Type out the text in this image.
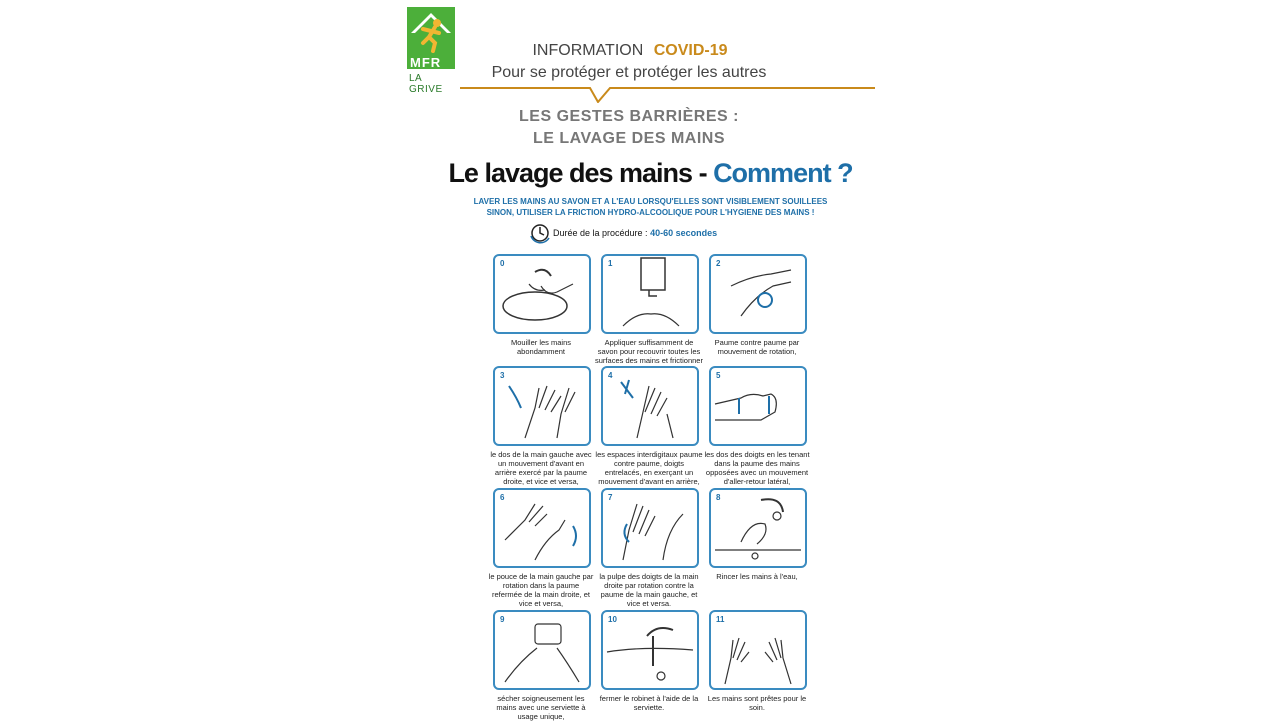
MFR
LA GRIVE
INFORMATION COVID-19
Pour se protéger et protéger les autres
LES GESTES BARRIÈRES :
LE LAVAGE DES MAINS
Le lavage des mains - Comment ?
LAVER LES MAINS AU SAVON ET A L'EAU LORSQU'ELLES SONT VISIBLEMENT SOUILLEES
SINON, UTILISER LA FRICTION HYDRO-ALCOOLIQUE POUR L'HYGIENE DES MAINS !
Durée de la procédure : 40-60 secondes
0
Mouiller les mains abondamment
1
Appliquer suffisamment de savon pour recouvrir toutes les surfaces des mains et frictionner
2
Paume contre paume par mouvement de rotation,
3
le dos de la main gauche avec un mouvement d'avant en arrière exercé par la paume droite, et vice et versa,
4
les espaces interdigitaux paume contre paume, doigts entrelacés, en exerçant un mouvement d'avant en arrière,
5
les dos des doigts en les tenant dans la paume des mains opposées avec un mouvement d'aller-retour latéral,
6
le pouce de la main gauche par rotation dans la paume refermée de la main droite, et vice et versa,
7
la pulpe des doigts de la main droite par rotation contre la paume de la main gauche, et vice et versa.
8
Rincer les mains à l'eau,
9
sécher soigneusement les mains avec une serviette à usage unique,
10
fermer le robinet à l'aide de la serviette.
11
Les mains sont prêtes pour le soin.
